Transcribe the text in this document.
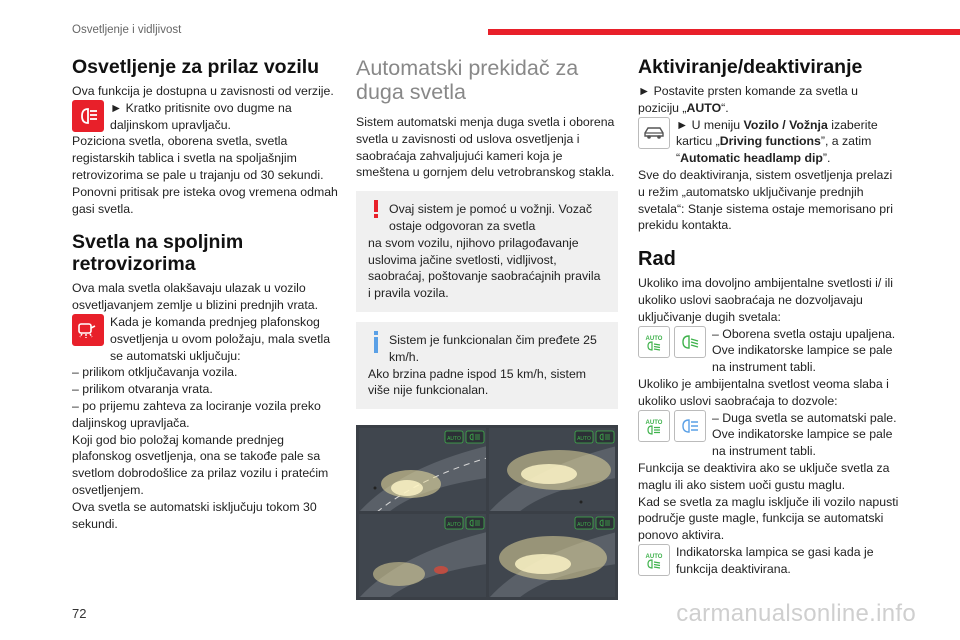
Osvetljenje i vidljivost
Osvetljenje za prilaz vozilu

Ova funkcija je dostupna u zavisnosti od verzije.

► Kratko pritisnite ovo dugme na daljinskom upravljaču.

Poziciona svetla, oborena svetla, svetla registarskih tablica i svetla na spoljašnjim retrovizorima se pale u trajanju od 30 sekundi.

Ponovni pritisak pre isteka ovog vremena odmah gasi svetla.

Svetla na spoljnim retrovizorima

Ova mala svetla olakšavaju ulazak u vozilo osvetljavanjem zemlje u blizini prednjih vrata.

Kada je komanda prednjeg plafonskog osvetljenja u ovom položaju, mala svetla se automatski uključuju:

– prilikom otključavanja vozila.

– prilikom otvaranja vrata.

– po prijemu zahteva za lociranje vozila preko daljinskog upravljača.

Koji god bio položaj komande prednjeg plafonskog osvetljenja, ona se takođe pale sa svetlom dobrodošlice za prilaz vozilu i pratećim osvetljenjem.

Ova svetla se automatski isključuju tokom 30 sekundi.

Automatski prekidač za duga svetla

Sistem automatski menja duga svetla i oborena svetla u zavisnosti od uslova osvetljenja i saobraćaja zahvaljujući kameri koja je smeštena u gornjem delu vetrobranskog stakla.

Ovaj sistem je pomoć u vožnji. Vozač ostaje odgovoran za svetla

na svom vozilu, njihovo prilagođavanje uslovima jačine svetlosti, vidljivost, saobraćaj, poštovanje saobraćajnih pravila i pravila vozila.

Sistem je funkcionalan čim pređete 25 km/h.

Ako brzina padne ispod 15 km/h, sistem više nije funkcionalan.

AUTO	AUTO
AUTO	AUTO
Aktiviranje/deaktiviranje

► Postavite prsten komande za svetla u poziciju „AUTO“.

► U meniju Vozilo / Vožnja izaberite karticu „Driving functions”, a zatim “Automatic headlamp dip”.

Sve do deaktiviranja, sistem osvetljenja prelazi u režim „automatsko uključivanje prednjih svetala“: Stanje sistema ostaje memorisano pri prekidu kontakta.

Rad

Ukoliko ima dovoljno ambijentalne svetlosti i/ ili ukoliko uslovi saobraćaja ne dozvoljavaju uključivanje dugih svetala:

AUTO	– Oborena svetla ostaju upaljena. Ove indikatorske lampice se pale na instrument tabli.

Ukoliko je ambijentalna svetlost veoma slaba i ukoliko uslovi saobraćaja to dozvole:

AUTO	– Duga svetla se automatski pale. Ove indikatorske lampice se pale na instrument tabli.

Funkcija se deaktivira ako se uključe svetla za maglu ili ako sistem uoči gustu maglu.

Kad se svetla za maglu isključe ili vozilo napusti područje guste magle, funkcija se automatski ponovo aktivira.

AUTO	Indikatorska lampica se gasi kada je funkcija deaktivirana.
72	carmanualsonline.info
